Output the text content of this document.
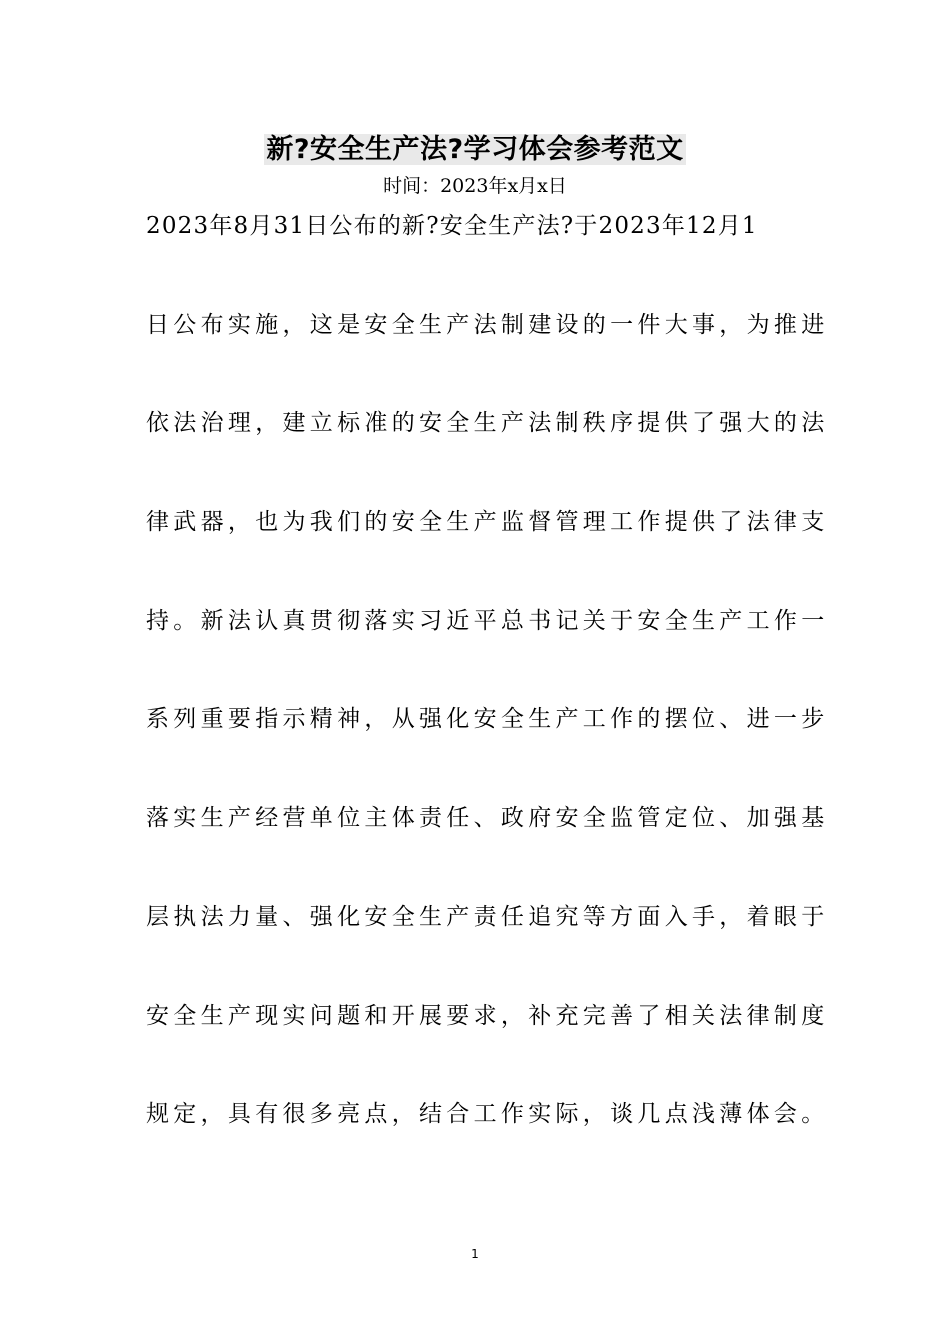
新?安全生产法?学习体会参考范文
时间：2023年x月x日
2023年8月31日公布的新?安全生产法?于2023年12月1
日公布实施，这是安全生产法制建设的一件大事，为推进
依法治理，建立标准的安全生产法制秩序提供了强大的法
律武器，也为我们的安全生产监督管理工作提供了法律支
持。新法认真贯彻落实习近平总书记关于安全生产工作一
系列重要指示精神，从强化安全生产工作的摆位、进一步
落实生产经营单位主体责任、政府安全监管定位、加强基
层执法力量、强化安全生产责任追究等方面入手，着眼于
安全生产现实问题和开展要求，补充完善了相关法律制度
规定，具有很多亮点，结合工作实际，谈几点浅薄体会。
1
